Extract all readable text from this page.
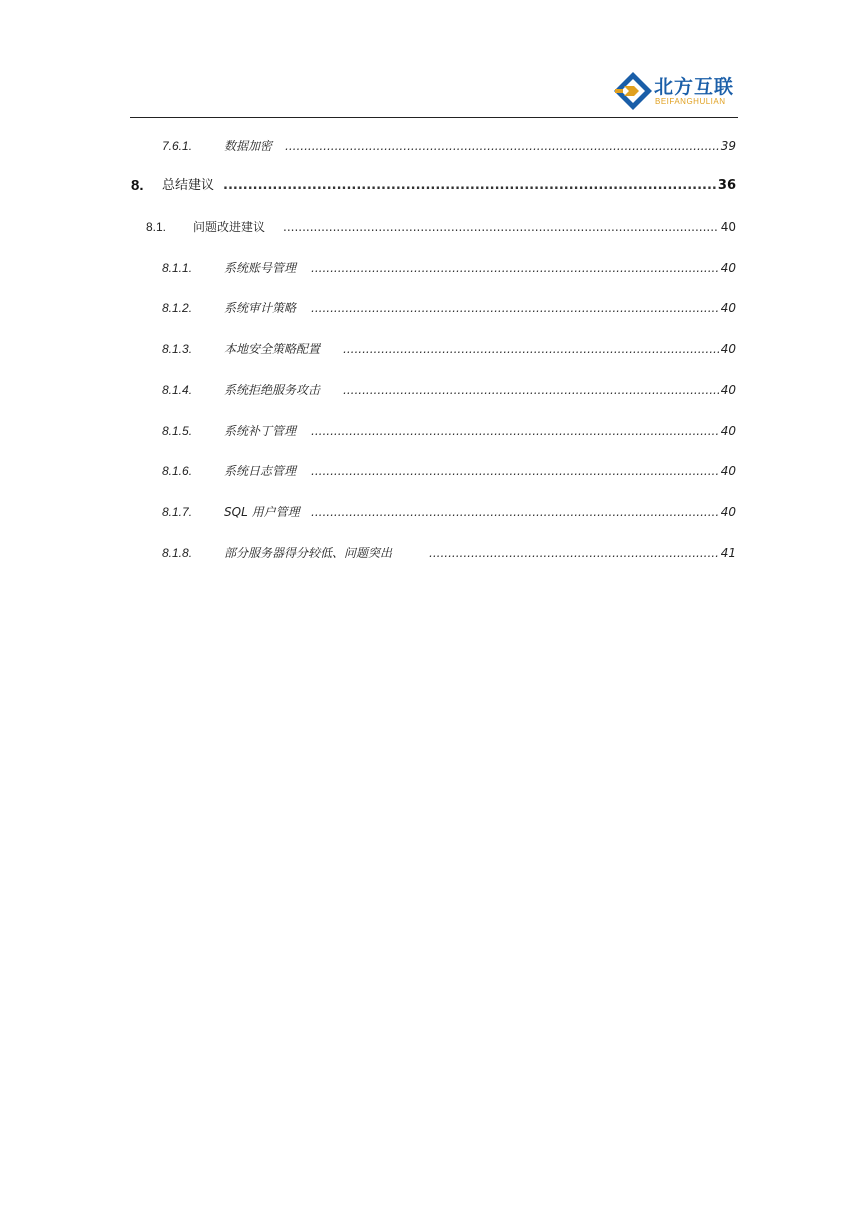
北方互联
BEIFANGHULIAN
7.6.1.	数据加密 .....	39
8. 总结建议 .....	36
8.1. 问题改进建议 .....	40
8.1.1.	系统账号管理 .....	40
8.1.2.	系统审计策略 .....	40
8.1.3.	本地安全策略配置 .....	40
8.1.4.	系统拒绝服务攻击 .....	40
8.1.5.	系统补丁管理 .....	40
8.1.6.	系统日志管理 .....	40
8.1.7.	SQL 用户管理 .....	40
8.1.8.	部分服务器得分较低、问题突出 .....	41
